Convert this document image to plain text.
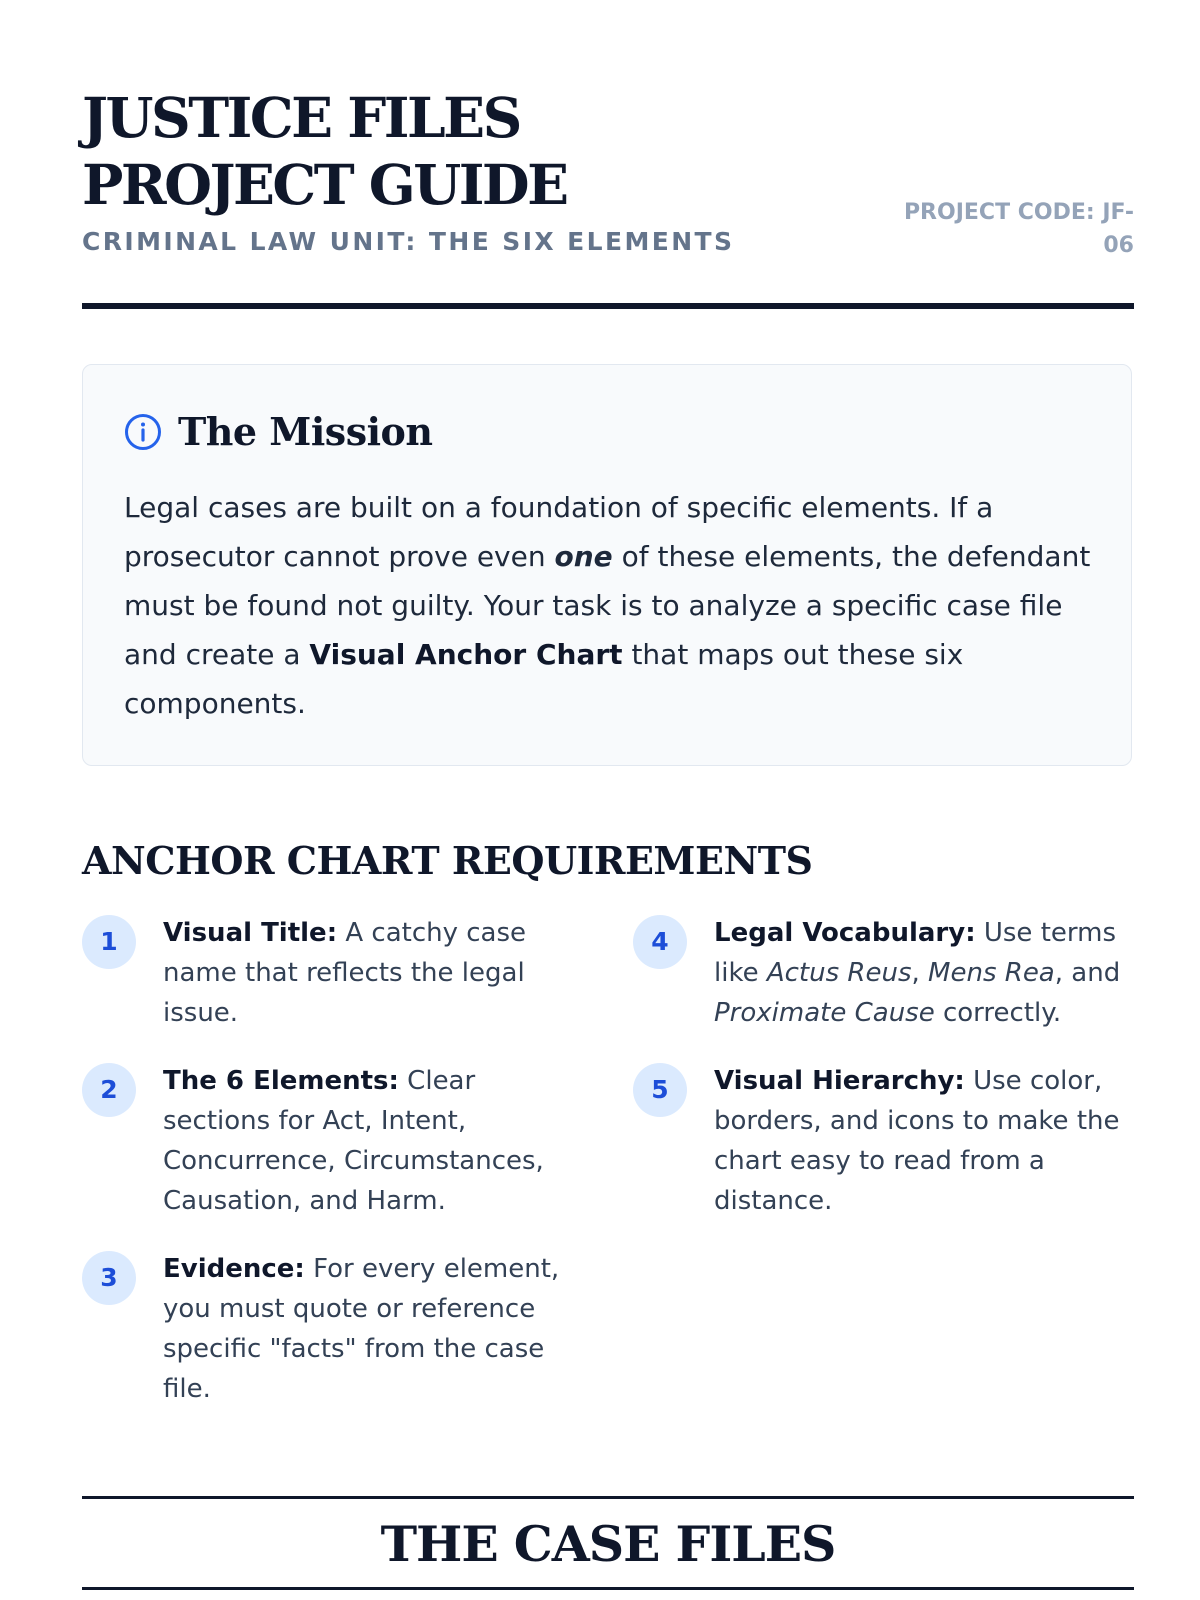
JUSTICE FILES PROJECT GUIDE
CRIMINAL LAW UNIT: THE SIX ELEMENTS
PROJECT CODE: JF-06
The Mission

Legal cases are built on a foundation of specific elements. If a prosecutor cannot prove even one of these elements, the defendant must be found not guilty. Your task is to analyze a specific case file and create a Visual Anchor Chart that maps out these six components.

ANCHOR CHART REQUIREMENTS
1	Visual Title: A catchy case name that reflects the legal issue.

2	The 6 Elements: Clear sections for Act, Intent, Concurrence, Circumstances, Causation, and Harm.

3	Evidence: For every element, you must quote or reference specific "facts" from the case file.

4	Legal Vocabulary: Use terms like Actus Reus, Mens Rea, and Proximate Cause correctly.

5	Visual Hierarchy: Use color, borders, and icons to make the chart easy to read from a distance.

THE CASE FILES
